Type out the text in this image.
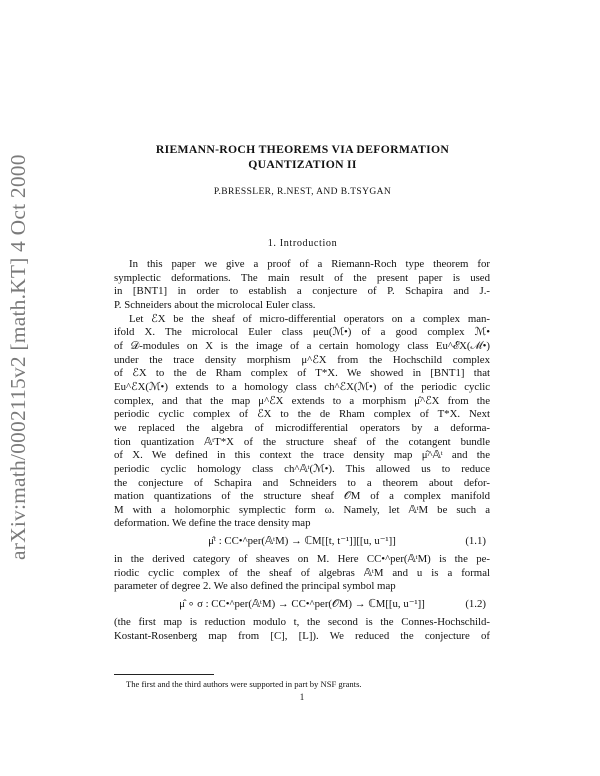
arXiv:math/0002115v2 [math.KT] 4 Oct 2000
RIEMANN-ROCH THEOREMS VIA DEFORMATION
QUANTIZATION II
P.BRESSLER, R.NEST, AND B.TSYGAN
1. Introduction

In this paper we give a proof of a Riemann-Roch type theorem for

symplectic deformations. The main result of the present paper is used

in [BNT1] in order to establish a conjecture of P. Schapira and J.-

P. Schneiders about the microlocal Euler class.

Let ℰX be the sheaf of micro-differential operators on a complex man-

ifold X. The microlocal Euler class μeu(ℳ•) of a good complex ℳ•

of 𝒟-modules on X is the image of a certain homology class Eu^ℰX(ℳ•)

under the trace density morphism μ^ℰX from the Hochschild complex

of ℰX to the de Rham complex of T*X. We showed in [BNT1] that

Eu^ℰX(ℳ•) extends to a homology class ch^ℰX(ℳ•) of the periodic cyclic

complex, and that the map μ^ℰX extends to a morphism μ̂^ℰX from the

periodic cyclic complex of ℰX to the de Rham complex of T*X. Next

we replaced the algebra of microdifferential operators by a deforma-

tion quantization 𝔸ᵗT*X of the structure sheaf of the cotangent bundle

of X. We defined in this context the trace density map μ̂^𝔸ᵗ and the

periodic cyclic homology class ch^𝔸ᵗ(ℳ•). This allowed us to reduce

the conjecture of Schapira and Schneiders to a theorem about defor-

mation quantizations of the structure sheaf 𝒪M of a complex manifold

M with a holomorphic symplectic form ω. Namely, let 𝔸ᵗM be such a

deformation. We define the trace density map

μ̂ᵗ : CC•^per(𝔸ᵗM) → ℂM[[t, t⁻¹]][[u, u⁻¹]]	(1.1)

in the derived category of sheaves on M. Here CC•^per(𝔸ᵗM) is the pe-

riodic cyclic complex of the sheaf of algebras 𝔸ᵗM and u is a formal

parameter of degree 2. We also defined the principal symbol map

μ̂ ∘ σ : CC•^per(𝔸ᵗM) → CC•^per(𝒪M) → ℂM[[u, u⁻¹]]	(1.2)

(the first map is reduction modulo t, the second is the Connes-Hochschild-

Kostant-Rosenberg map from [C], [L]). We reduced the conjecture of

The first and the third authors were supported in part by NSF grants.
1
